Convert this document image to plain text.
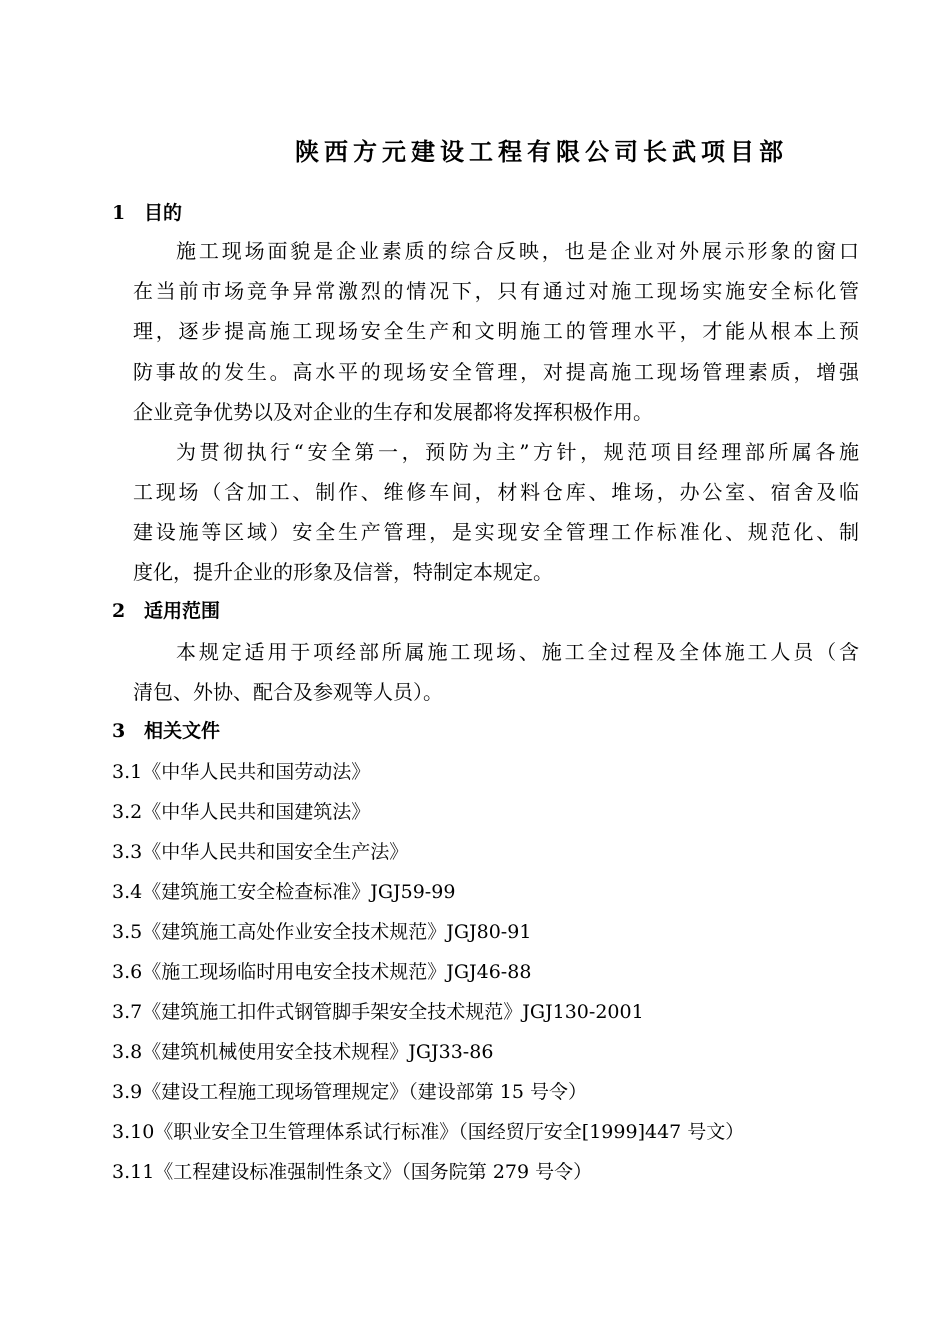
陕西方元建设工程有限公司长武项目部
1 目的
施工现场面貌是企业素质的综合反映，也是企业对外展示形象的窗口
在当前市场竞争异常激烈的情况下，只有通过对施工现场实施安全标化管
理，逐步提高施工现场安全生产和文明施工的管理水平，才能从根本上预
防事故的发生。高水平的现场安全管理，对提高施工现场管理素质，增强
企业竞争优势以及对企业的生存和发展都将发挥积极作用。
为贯彻执行“安全第一，预防为主”方针，规范项目经理部所属各施
工现场（含加工、制作、维修车间，材料仓库、堆场，办公室、宿舍及临
建设施等区域）安全生产管理，是实现安全管理工作标准化、规范化、制
度化，提升企业的形象及信誉，特制定本规定。
2 适用范围
本规定适用于项经部所属施工现场、施工全过程及全体施工人员（含
清包、外协、配合及参观等人员）。
3 相关文件
3.1《中华人民共和国劳动法》
3.2《中华人民共和国建筑法》
3.3《中华人民共和国安全生产法》
3.4《建筑施工安全检查标准》JGJ59-99
3.5《建筑施工高处作业安全技术规范》JGJ80-91
3.6《施工现场临时用电安全技术规范》JGJ46-88
3.7《建筑施工扣件式钢管脚手架安全技术规范》JGJ130-2001
3.8《建筑机械使用安全技术规程》JGJ33-86
3.9《建设工程施工现场管理规定》（建设部第 15 号令）
3.10《职业安全卫生管理体系试行标准》（国经贸厅安全[1999]447 号文）
3.11《工程建设标准强制性条文》（国务院第 279 号令）
